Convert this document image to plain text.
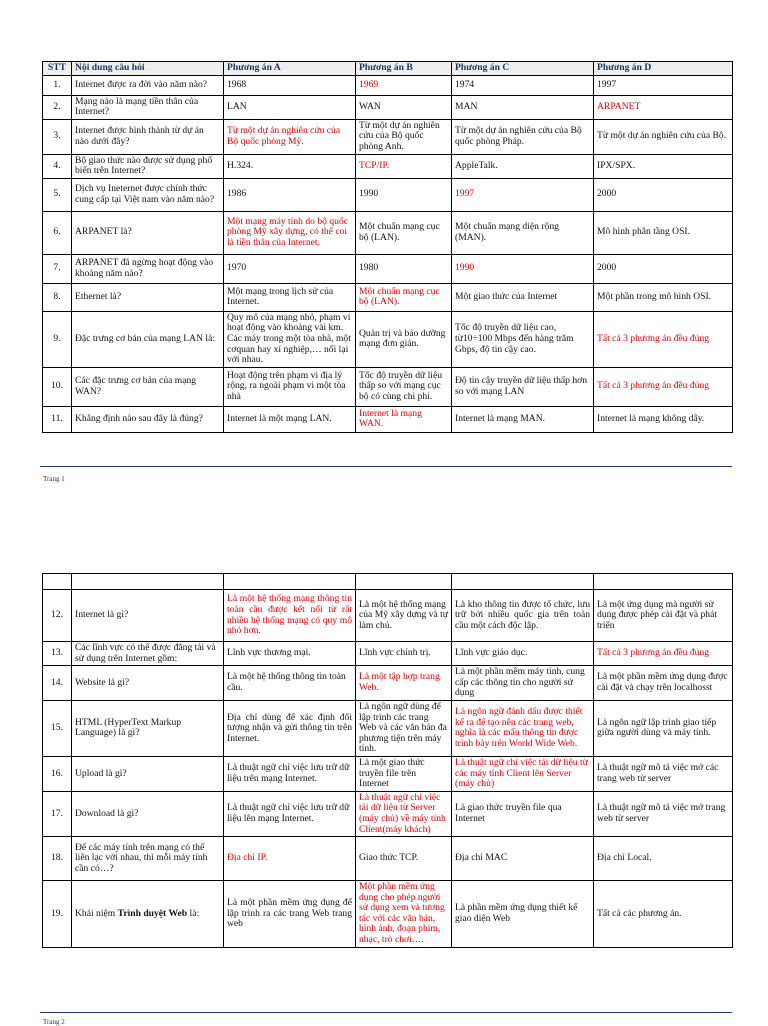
STT	Nội dung câu hỏi	Phương án A	Phương án B	Phương án C	Phương án D
1.	Internet được ra đời vào năm nào?	1968	1969	1974	1997
2.	Mạng nào là mạng tiền thân của Internet?	LAN	WAN	MAN	ARPANET
3.	Internet được hình thành từ dự án nào dưới đây?	Từ một dự án nghiên cứu của Bộ quốc phòng Mỹ.	Từ một dự án nghiên cứu của Bộ quốc phòng Anh.	Từ một dự án nghiên cứu của Bộ quốc phòng Pháp.	Từ một dự án nghiên cứu của Bộ.
4.	Bộ giao thức nào được sử dụng phổ biến trên Internet?	H.324.	TCP/IP.	AppleTalk.	IPX/SPX.
5.	Dịch vụ Ineternet được chính thức cung cấp tại Việt nam vào năm nào?	1986	1990	1997	2000
6.	ARPANET là?	Một mạng máy tính do bộ quốc phòng Mỹ xây dựng, có thể coi là tiền thân của Internet.	Một chuẩn mạng cục bộ (LAN).	Một chuẩn mạng diện rộng (MAN).	Mô hình phân tầng OSI.
7.	ARPANET đã ngừng hoạt động vào khoảng năm nào?	1970	1980	1990	2000
8.	Ethernet là?	Một mạng trong lịch sử của Internet.	Một chuẩn mạng cục bộ (LAN).	Một giao thức của Internet	Một phần trong mô hình OSI.
9.	Đặc trưng cơ bản của mạng LAN là:	Quy mô của mạng nhỏ, phạm vi hoạt động vào khoảng vài km. Các máy trong một tòa nhà, một cơquan hay xí nghiệp,… nối lại với nhau.	Quản trị và bảo dưỡng mạng đơn giản.	Tốc độ truyền dữ liệu cao, từ10÷100 Mbps đến hàng trăm Gbps, độ tin cậy cao.	Tất cả 3 phương án đều đúng
10.	Các đặc trưng cơ bản của mạng WAN?	Hoạt động trên phạm vi địa lý rộng, ra ngoài phạm vi một tòa nhà	Tốc độ truyền dữ liệu thấp so với mạng cục bộ có cùng chi phí.	Độ tin cậy truyền dữ liệu thấp hơn so với mạng LAN	Tất cả 3 phương án đều đúng
11.	Khẳng định nào sau đây là đúng?	Internet là một mạng LAN.	Internet là mạng WAN.	Internet là mạng MAN.	Internet là mạng không dây.
Trang 1

12.	Internet là gì?	Là một hệ thống mạng thông tin toàn cầu được kết nối từ rất nhiều hệ thống mạng có quy mô nhỏ hơn.	Là một hệ thống mạng của Mỹ xây dựng và tự làm chủ.	Là kho thông tin được tổ chức, lưu trữ bởi nhiều quốc gia trên toàn cầu một cách độc lập.	Là một ứng dụng mà người sử dụng được phép cài đặt và phát triển
13.	Các lĩnh vực có thể được đăng tải và sử dụng trên Internet gồm:	Lĩnh vực thương mại.	Lĩnh vực chính trị.	Lĩnh vực giáo dục.	Tất cả 3 phương án đều đúng
14.	Website là gì?	Là một hệ thống thông tin toàn cầu.	Là một tập hợp trang Web.	Là một phần mềm máy tính, cung cấp các thông tin cho người sử dụng	Là một phần mềm ứng dụng được cài đặt và chạy trên localhosst
15.	HTML (HyperText Markup Language) là gì?	Địa chỉ dùng để xác định đối tượng nhận và gửi thông tin trên Internet.	Là ngôn ngữ dùng để lập trình các trang Web và các văn bản đa phương tiện trên máy tính.	Là ngôn ngữ đánh dấu được thiết kế ra để tạo nên các trang web, nghĩa là các mẩu thông tin được trình bày trên World Wide Web.	Là ngôn ngữ lập trình giao tiếp giữa người dùng và máy tính.
16.	Upload là gì?	Là thuật ngữ chỉ việc lưu trữ dữ liệu trên mạng Internet.	Là một giao thức truyền file trên Internet	Là thuật ngữ chỉ việc tải dữ liệu từ các máy tính Client lên Server (máy chủ)	Là thuật ngữ mô tả việc mở các trang web từ server
17.	Download là gì?	Là thuật ngữ chỉ việc lưu trữ dữ liệu lên mạng Internet.	Là thuật ngữ chỉ việc tải dữ liệu từ Server (máy chủ) về máy tính Client(máy khách)	Là giao thức truyền file qua Internet	Là thuật ngữ mô tả việc mở trang web từ server
18.	Để các máy tính trên mạng có thể liên lạc với nhau, thì mỗi máy tính cần có…?	Địa chỉ IP.	Giao thức TCP.	Địa chỉ MAC	Địa chỉ Local.
19.	Khái niệm Trình duyệt Web là:	Là một phần mềm ứng dụng để lập trình ra các trang Web trang web	Một phần mềm ứng dụng cho phép người sử dụng xem và tương tác với các văn bản, hình ảnh, đoạn phim, nhạc, trò chơi….	Là phần mềm ứng dụng thiết kế giao diện Web	Tất cả các phương án.
Trang 2
